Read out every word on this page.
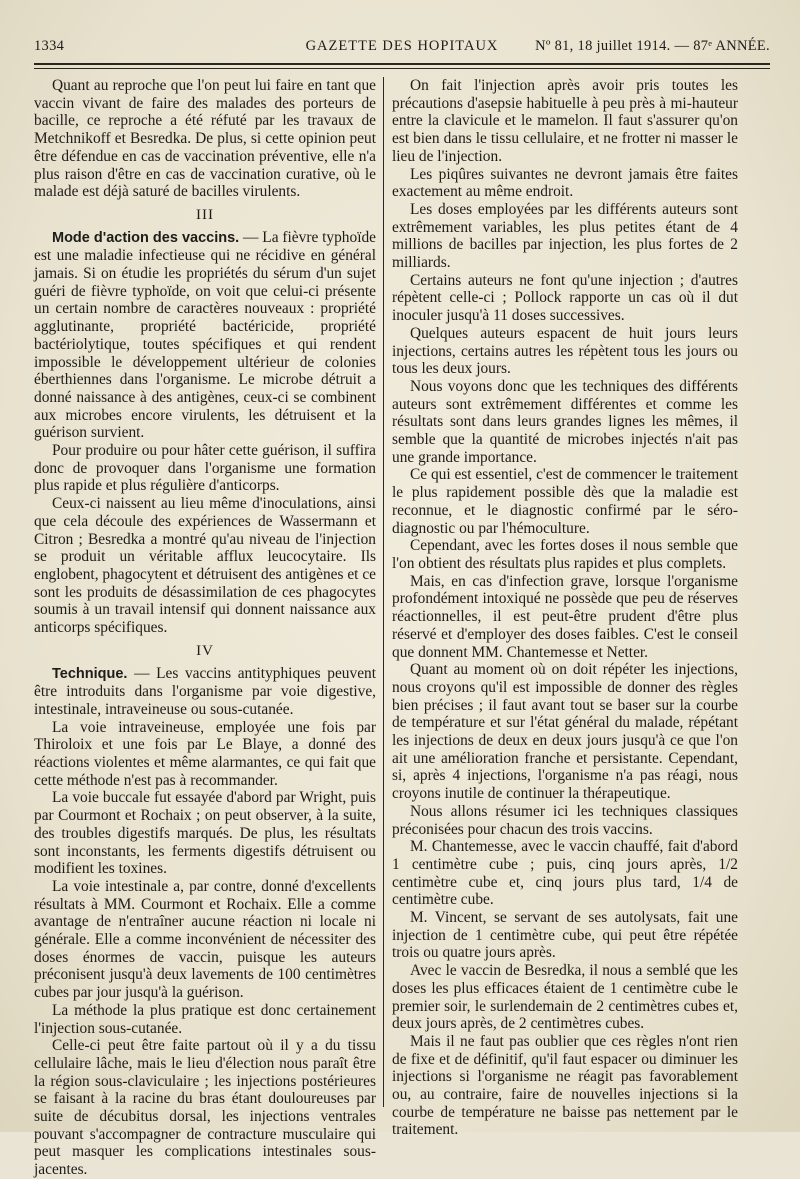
1334	GAZETTE DES HOPITAUX	Nº 81, 18 juillet 1914. — 87ᵉ ANNÉE.

Quant au reproche que l'on peut lui faire en tant que vaccin vivant de faire des malades des porteurs de bacille, ce reproche a été réfuté par les travaux de Metchnikoff et Besredka. De plus, si cette opinion peut être défendue en cas de vaccination préventive, elle n'a plus raison d'être en cas de vaccination curative, où le malade est déjà saturé de bacilles virulents.

III

Mode d'action des vaccins. — La fièvre typhoïde est une maladie infectieuse qui ne récidive en général jamais. Si on étudie les propriétés du sérum d'un sujet guéri de fièvre typhoïde, on voit que celui-ci présente un certain nombre de caractères nouveaux : propriété agglutinante, propriété bactéricide, propriété bactériolytique, toutes spécifiques et qui rendent impossible le développement ultérieur de colonies éberthiennes dans l'organisme. Le microbe détruit a donné naissance à des antigènes, ceux-ci se combinent aux microbes encore virulents, les détruisent et la guérison survient.

Pour produire ou pour hâter cette guérison, il suffira donc de provoquer dans l'organisme une formation plus rapide et plus régulière d'anticorps.

Ceux-ci naissent au lieu même d'inoculations, ainsi que cela découle des expériences de Wassermann et Citron ; Besredka a montré qu'au niveau de l'injection se produit un véritable afflux leucocytaire. Ils englobent, phagocytent et détruisent des antigènes et ce sont les produits de désassimilation de ces phagocytes soumis à un travail intensif qui donnent naissance aux anticorps spécifiques.

IV

Technique. — Les vaccins antityphiques peuvent être introduits dans l'organisme par voie digestive, intestinale, intraveineuse ou sous-cutanée.

La voie intraveineuse, employée une fois par Thiroloix et une fois par Le Blaye, a donné des réactions violentes et même alarmantes, ce qui fait que cette méthode n'est pas à recommander.

La voie buccale fut essayée d'abord par Wright, puis par Courmont et Rochaix ; on peut observer, à la suite, des troubles digestifs marqués. De plus, les résultats sont inconstants, les ferments digestifs détruisent ou modifient les toxines.

La voie intestinale a, par contre, donné d'excellents résultats à MM. Courmont et Rochaix. Elle a comme avantage de n'entraîner aucune réaction ni locale ni générale. Elle a comme inconvénient de nécessiter des doses énormes de vaccin, puisque les auteurs préconisent jusqu'à deux lavements de 100 centimètres cubes par jour jusqu'à la guérison.

La méthode la plus pratique est donc certainement l'injection sous-cutanée.

Celle-ci peut être faite partout où il y a du tissu cellulaire lâche, mais le lieu d'élection nous paraît être la région sous-claviculaire ; les injections postérieures se faisant à la racine du bras étant douloureuses par suite de décubitus dorsal, les injections ventrales pouvant s'accompagner de contracture musculaire qui peut masquer les complications intestinales sous-jacentes.

On fait l'injection après avoir pris toutes les précautions d'asepsie habituelle à peu près à mi-hauteur entre la clavicule et le mamelon. Il faut s'assurer qu'on est bien dans le tissu cellulaire, et ne frotter ni masser le lieu de l'injection.

Les piqûres suivantes ne devront jamais être faites exactement au même endroit.

Les doses employées par les différents auteurs sont extrêmement variables, les plus petites étant de 4 millions de bacilles par injection, les plus fortes de 2 milliards.

Certains auteurs ne font qu'une injection ; d'autres répètent celle-ci ; Pollock rapporte un cas où il dut inoculer jusqu'à 11 doses successives.

Quelques auteurs espacent de huit jours leurs injections, certains autres les répètent tous les jours ou tous les deux jours.

Nous voyons donc que les techniques des différents auteurs sont extrêmement différentes et comme les résultats sont dans leurs grandes lignes les mêmes, il semble que la quantité de microbes injectés n'ait pas une grande importance.

Ce qui est essentiel, c'est de commencer le traitement le plus rapidement possible dès que la maladie est reconnue, et le diagnostic confirmé par le séro-diagnostic ou par l'hémoculture.

Cependant, avec les fortes doses il nous semble que l'on obtient des résultats plus rapides et plus complets.

Mais, en cas d'infection grave, lorsque l'organisme profondément intoxiqué ne possède que peu de réserves réactionnelles, il est peut-être prudent d'être plus réservé et d'employer des doses faibles. C'est le conseil que donnent MM. Chantemesse et Netter.

Quant au moment où on doit répéter les injections, nous croyons qu'il est impossible de donner des règles bien précises ; il faut avant tout se baser sur la courbe de température et sur l'état général du malade, répétant les injections de deux en deux jours jusqu'à ce que l'on ait une amélioration franche et persistante. Cependant, si, après 4 injections, l'organisme n'a pas réagi, nous croyons inutile de continuer la thérapeutique.

Nous allons résumer ici les techniques classiques préconisées pour chacun des trois vaccins.

M. Chantemesse, avec le vaccin chauffé, fait d'abord 1 centimètre cube ; puis, cinq jours après, 1/2 centimètre cube et, cinq jours plus tard, 1/4 de centimètre cube.

M. Vincent, se servant de ses autolysats, fait une injection de 1 centimètre cube, qui peut être répétée trois ou quatre jours après.

Avec le vaccin de Besredka, il nous a semblé que les doses les plus efficaces étaient de 1 centimètre cube le premier soir, le surlendemain de 2 centimètres cubes et, deux jours après, de 2 centimètres cubes.

Mais il ne faut pas oublier que ces règles n'ont rien de fixe et de définitif, qu'il faut espacer ou diminuer les injections si l'organisme ne réagit pas favorablement ou, au contraire, faire de nouvelles injections si la courbe de température ne baisse pas nettement par le traitement.
